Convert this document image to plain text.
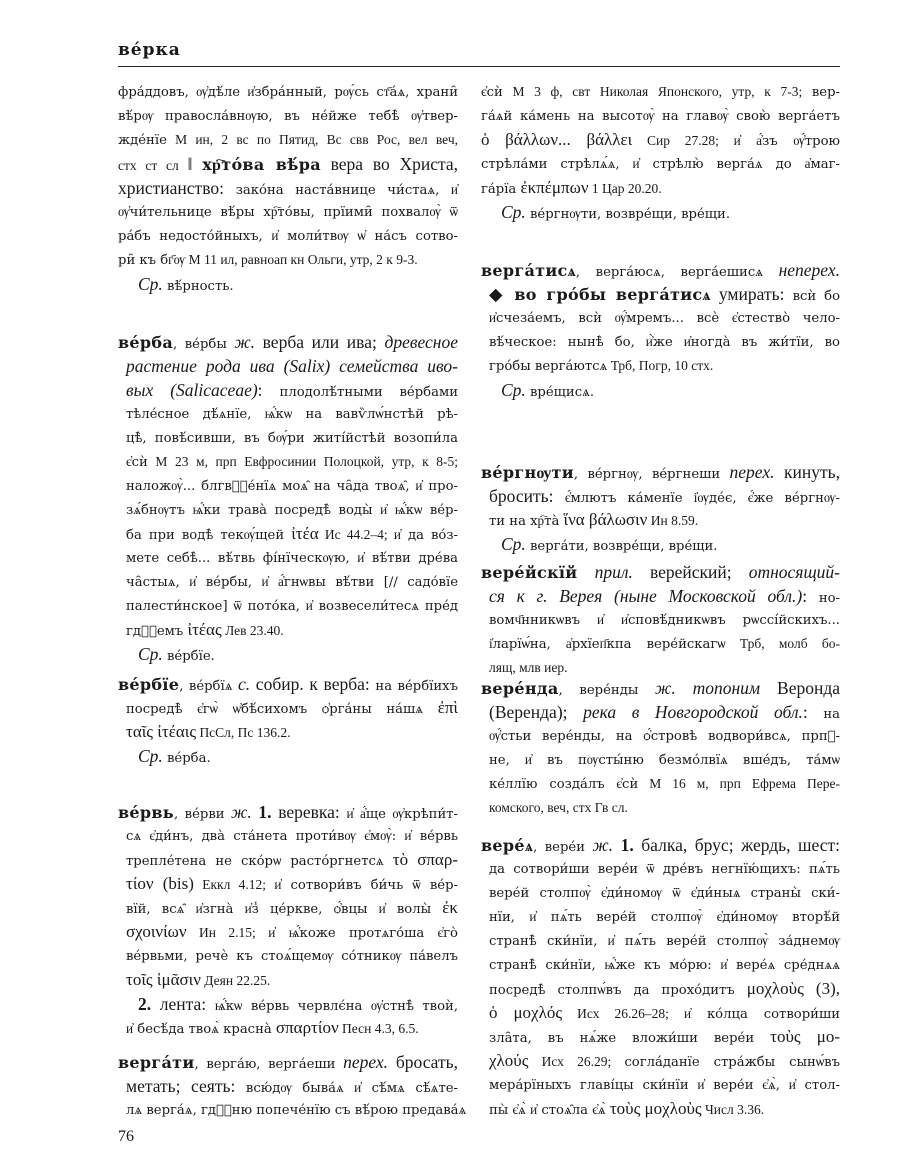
ве́рка
фра́ддовъ, ѹ҆дѣ́ле и҆збра́нный, рѹ́сь ст҃а́ѧ, храни̑
вѣ́рѹ правосла́внѹю, въ не́йже тебѣ̀ ѹ҆твер-
жде́нїе М ин, 2 вс по Пятид, Вс свв Рос, вел веч,
стх ст сл ‖ хр҇то́ва вѣ́ра вера во Христа,
христианство: зако́на наста́внице чи́стаѧ, и҆
ѹ҆чи́тельнице вѣ́ры хр҇то́вы, прїими̑ похвалѹ̀ ѿ
ра́бъ недосто́йныхъ, и҆ моли́твѹ ѡ҆ на́съ сотво-
ри̑ къ бг҃ѹ М 11 ил, равноап кн Ольги, утр, 2 к 9-3.
Ср. вѣ́рность.
ве́рба, ве́рбы ж. верба или ива; древесное
растение рода ива (Salix) семейства иво-
вых (Salicaceae): плодолѣ́тными ве́рбами
тѣле́сное дѣ́ѧнїе, ѩ҆́кѡ на вавѷлѡ́нстѣй рѣ-
цѣ̀, повѣ́сивши, въ бѹ́ри житі́йстѣй возопи́ла
є҆сѝ М 23 м, прп Евфросинии Полоцкой, утр, к 8-5;
наложѹ̀... блгвⷭ҇е́нїѧ моѧ̑ на ча̑да твоѧ̑, и҆ про-
зѧ́бнѹтъ ѩ҆́ки трава̀ посредѣ̀ воды̀ и҆ ѩ҆́кѡ ве́р-
ба при водѣ̀ текѹ́щей ἰτέα Ис 44.2–4; и҆ да во́з-
мете себѣ̀... вѣ́твь фі́нїческѹю, и҆ вѣ́тви дре́ва
ча̑стыѧ, и҆ ве́рбы, и҆ а҆́гнѡвы вѣ́тви [// садо́вїе
палести́нское] ѿ пото́ка, и҆ возвесели́тесѧ пре́д
гдⷭ҇емъ ἰτέας Лев 23.40.
Ср. ве́рбїе.
ве́рбїе, ве́рбїѧ с. собир. к верба: на ве́рбїихъ
посредѣ̀ є҆гѡ̀ ѡ҆бѣ́сихомъ ѻ҆рга́ны на́шѧ ἐπὶ
ταῖς ἰτέαις ПсСл, Пс 136.2.
Ср. ве́рба.
ве́рвь, ве́рви ж. 1. веревка: и҆ а҆́ще ѹ҆крѣпи́т-
сѧ є҆ди́нъ, два̀ ста́нета проти́вѹ є҆мѹ̀: и҆ ве́рвь
трепле́тена не ско́рѡ растóргнетсѧ τὸ σπαρ-
τίον (bis) Еккл 4.12; и҆ сотвори́въ би́чь ѿ ве́р-
вїй, всѧ̑ и҆згна̀ и҆з̾ це́ркве, ѻ҆́вцы и҆ волы̀ ἐκ
σχοινίων Ин 2.15; и҆ ѩ҆́коже протѧго́ша є҆го̀
ве́рвьми, речѐ къ стоѧ́щемѹ со́тникѹ па́велъ
τοῖς ἱμᾶσιν Деян 22.25.
2. лента: ѩ҆́кѡ ве́рвь червлє́на ѹ҆стнѣ̀ твоѝ,
и҆ бесѣ́да твоѧ̀ красна̀ σπαρτίον Песн 4.3, 6.5.
верга́ти, верга́ю, верга́еши перех. бросать,
метать; сеять: всю́дѹ быва́ѧ и҆ сѣ́мѧ сѣ́ѧте-
лѧ верга́ѧ, гдⷭ҇ню попече́нїю съ вѣ́рою предава́ѧ
є҆сѝ М 3 ф, свт Николая Японского, утр, к 7-3; вер-
га́ѧй ка́мень на высотѹ̀ на главѹ̀ свою̀ верга́етъ
ὁ βάλλων... βάλλει Сир 27.28; и҆ а҆́зъ ѹ҆́трою
стрѣла́ми стрѣлѧ́ѧ, и҆ стрѣлю̀ верга́ѧ до а҆маг-
га́рїа ἐκπέμπων 1 Цар 20.20.
Ср. ве́ргнѹти, возвре́щи, вре́щи.
верга́тисѧ, верга́юсѧ, верга́ешисѧ неперех.
◆ во гро́бы верга́тисѧ умирать: всѝ бо
и҆счеза́емъ, всѝ ѹ҆́мремъ... всѐ є҆стество̀ чело-
вѣ́ческое: нынѣ̀ бо, и҆̀же и҆ногда̀ въ жи́тїи, во
гро́бы верга́ютсѧ Трб, Погр, 10 стх.
Ср. вре́щисѧ.
ве́ргнѹти, ве́ргнѹ, ве́ргнеши перех. кинуть,
бросить: є҆́млютъ ка́менїе і҆ѹде́є, є҆́же ве́ргнѹ-
ти на хр҇та̀ ἵνα βάλωσιν Ин 8.59.
Ср. верга́ти, возвре́щи, вре́щи.
вере́йскїй прил. верейский; относящий-
ся к г. Верея (ныне Московской обл.): но-
вомч҃нникѡвъ и҆ и҆сповѣ́дникѡвъ рѡссі́йскихъ...
і҆ларїѡ́на, а҆рхїеп҃кпа вере́йскагѡ Трб, молб бо-
лящ, млв иер.
вере́нда, вере́нды ж. топоним Веронда
(Веренда); река в Новгородской обл.: на
ѹ҆́стьи вере́нды, на ѻ҆́стровѣ водвори́всѧ, прпⷣ-
не, и҆ въ пѹсты́ню безмо́лвїѧ вше́дъ, та́мѡ
ке́ллїю созда́лъ є҆сѝ М 16 м, прп Ефрема Пере-
комского, веч, стх Гв сл.
вере́ѧ, вере́и ж. 1. балка, брус; жердь, шест:
да сотвори́ши вере́и ѿ дре́въ негнїю́щихъ: пѧ́ть
вере́й столпѹ̀ є҆ди́номѹ ѿ є҆ди́ныѧ страны̀ ски́-
нїи, и҆ пѧ́ть вере́й столпѹ̀ є҆ди́номѹ вторѣ́й
странѣ̀ ски́нїи, и҆ пѧ́ть вере́й столпѹ̀ за́днемѹ
странѣ̀ ски́нїи, ѩ҆́же къ мо́рю: и҆ вере́ѧ сре́днѧѧ
посредѣ̀ столпѡ́въ да прохо́дитъ μοχλοὺς (3),
ὁ μοχλός Исх 26.26–28; и҆ ко́лца сотвори́ши
зла̑та, въ нѧ́же вложи́ши вере́и τοὺς μο-
χλούς Исх 26.29; согла́данїе стра́жбы сынѡ́въ
мера́рїныхъ главі́цы ски́нїи и҆ вере́и є҆ѧ̀, и҆ стол-
пы̀ є҆ѧ̀ и҆ стоѧ̑ла є҆ѧ̀ τοὺς μοχλοὺς Числ 3.36.
76
